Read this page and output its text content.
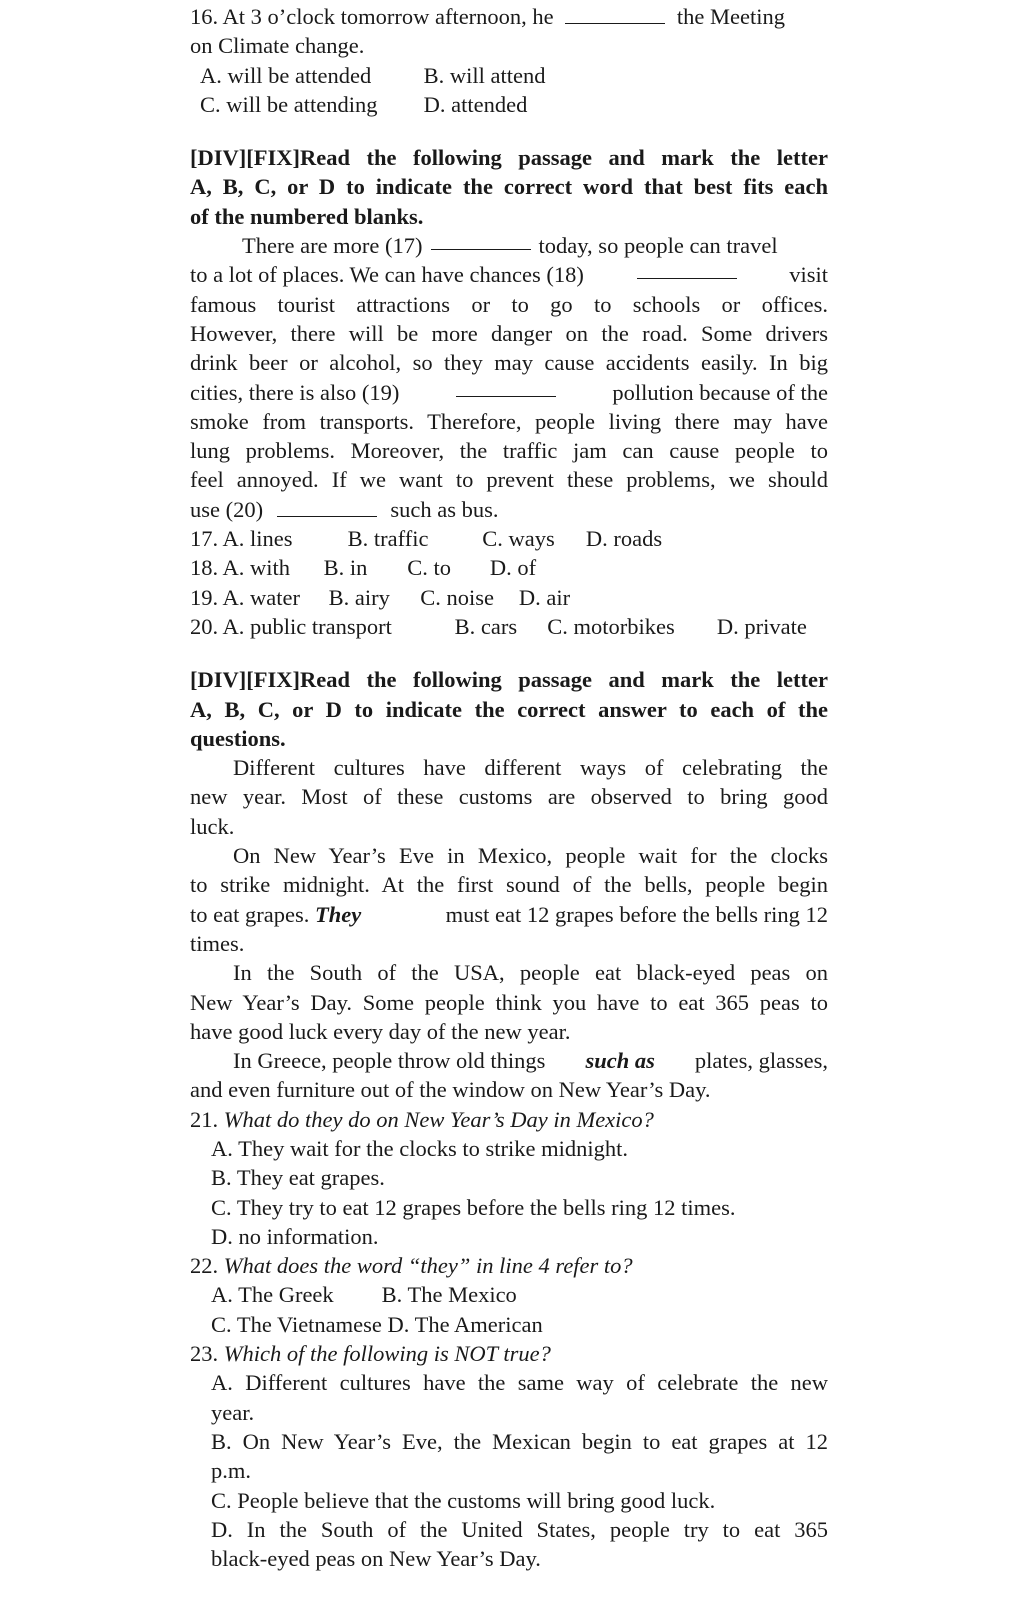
16. At 3 o’clock tomorrow afternoon, he	the Meeting
on Climate change.
A. will be attended B. will attend
C. will be attending D. attended
[DIV][FIX]Read the following passage and mark the letter
A, B, C, or D to indicate the correct word that best fits each
of the numbered blanks.
There are more (17)	today, so people can travel
to a lot of places. We can have chances (18)	visit
famous tourist attractions or to go to schools or offices.
However, there will be more danger on the road. Some drivers
drink beer or alcohol, so they may cause accidents easily. In big
cities, there is also (19)	pollution because of the
smoke from transports. Therefore, people living there may have
lung problems. Moreover, the traffic jam can cause people to
feel annoyed. If we want to prevent these problems, we should
use (20)	such as bus.
17. A. lines B. traffic C. ways D. roads
18. A. with B. in C. to D. of
19. A. water B. airy C. noise D. air
20. A. public transport	B. cars C. motorbikes D. private
[DIV][FIX]Read the following passage and mark the letter
A, B, C, or D to indicate the correct answer to each of the
questions.
Different cultures have different ways of celebrating the
new year. Most of these customs are observed to bring good
luck.
On New Year’s Eve in Mexico, people wait for the clocks
to strike midnight. At the first sound of the bells, people begin
to eat grapes. They	must eat 12 grapes before the bells ring 12
times.
In the South of the USA, people eat black-eyed peas on
New Year’s Day. Some people think you have to eat 365 peas to
have good luck every day of the new year.
In Greece, people throw old things such as plates, glasses,
and even furniture out of the window on New Year’s Day.
21. What do they do on New Year’s Day in Mexico?
A. They wait for the clocks to strike midnight.
B. They eat grapes.
C. They try to eat 12 grapes before the bells ring 12 times.
D. no information.
22. What does the word “they” in line 4 refer to?
A. The Greek B. The Mexico
C. The Vietnamese D. The American
23. Which of the following is NOT true?
A. Different cultures have the same way of celebrate the new
year.
B. On New Year’s Eve, the Mexican begin to eat grapes at 12
p.m.
C. People believe that the customs will bring good luck.
D. In the South of the United States, people try to eat 365
black-eyed peas on New Year’s Day.
